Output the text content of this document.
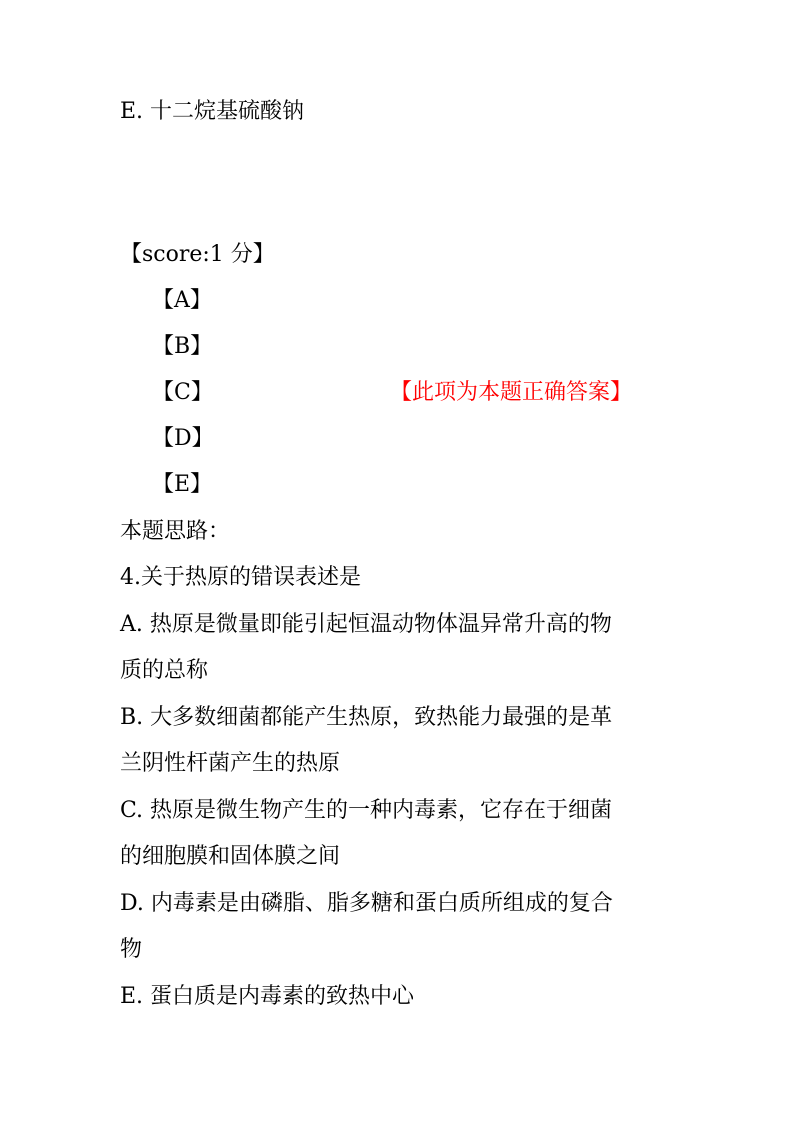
E. 十二烷基硫酸钠
【score:1 分】
【A】
【B】
【C】	【此项为本题正确答案】
【D】
【E】
本题思路：
4.关于热原的错误表述是
A. 热原是微量即能引起恒温动物体温异常升高的物
质的总称
B. 大多数细菌都能产生热原，致热能力最强的是革
兰阴性杆菌产生的热原
C. 热原是微生物产生的一种内毒素，它存在于细菌
的细胞膜和固体膜之间
D. 内毒素是由磷脂、脂多糖和蛋白质所组成的复合
物
E. 蛋白质是内毒素的致热中心
